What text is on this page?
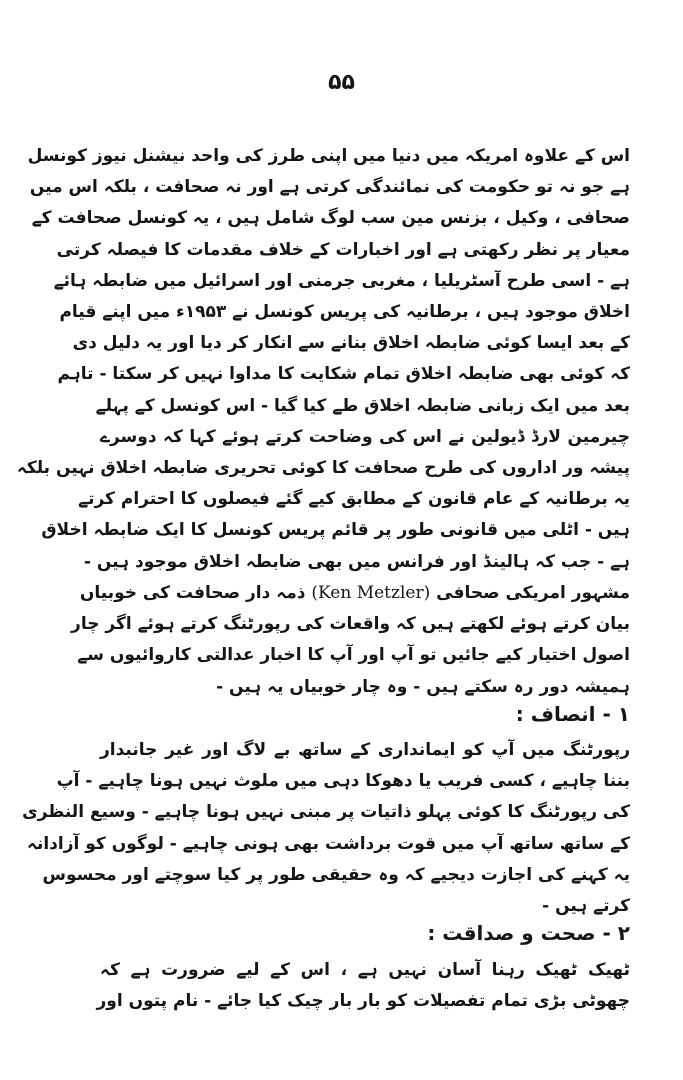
۵۵
اس کے علاوہ امریکہ میں دنیا میں اپنی طرز کی واحد نیشنل نیوز کونسل
ہے جو نہ تو حکومت کی نمائندگی کرتی ہے اور نہ صحافت ، بلکہ اس میں
صحافی ، وکیل ، بزنس مین سب لوگ شامل ہیں ، یہ کونسل صحافت کے
معیار پر نظر رکھتی ہے اور اخبارات کے خلاف مقدمات کا فیصلہ کرتی
ہے - اسی طرح آسٹریلیا ، مغربی جرمنی اور اسرائیل میں ضابطہ ہائے
اخلاق موجود ہیں ، برطانیہ کی پریس کونسل نے ۱۹۵۳ء میں اپنے قیام
کے بعد ایسا کوئی ضابطہ اخلاق بنانے سے انکار کر دیا اور یہ دلیل دی
کہ کوئی بھی ضابطہ اخلاق تمام شکایت کا مداوا نہیں کر سکتا - تاہم
بعد میں ایک زبانی ضابطہ اخلاق طے کیا گیا - اس کونسل کے پہلے
چیرمین لارڈ ڈیولین نے اس کی وضاحت کرتے ہوئے کہا کہ دوسرے
پیشہ ور اداروں کی طرح صحافت کا کوئی تحریری ضابطہ اخلاق نہیں بلکہ
یہ برطانیہ کے عام قانون کے مطابق کیے گئے فیصلوں کا احترام کرتے
ہیں - اٹلی میں قانونی طور پر قائم پریس کونسل کا ایک ضابطہ اخلاق
ہے - جب کہ ہالینڈ اور فرانس میں بھی ضابطہ اخلاق موجود ہیں -
مشہور امریکی صحافی (Ken Metzler) ذمہ دار صحافت کی خوبیاں
بیان کرتے ہوئے لکھتے ہیں کہ واقعات کی رپورٹنگ کرتے ہوئے اگر چار
اصول اختیار کیے جائیں تو آپ اور آپ کا اخبار عدالتی کاروائیوں سے
ہمیشہ دور رہ سکتے ہیں - وہ چار خوبیاں یہ ہیں -
۱ - انصاف :
رپورٹنگ میں آپ کو ایمانداری کے ساتھ بے لاگ اور غیر جانبدار
بننا چاہیے ، کسی فریب یا دھوکا دہی میں ملوث نہیں ہونا چاہیے - آپ
کی رپورٹنگ کا کوئی پہلو ذاتیات پر مبنی نہیں ہونا چاہیے - وسیع النظری
کے ساتھ ساتھ آپ میں قوت برداشت بھی ہونی چاہیے - لوگوں کو آزادانہ
یہ کہنے کی اجازت دیجیے کہ وہ حقیقی طور پر کیا سوچتے اور محسوس
کرتے ہیں -
۲ - صحت و صداقت :
ٹھیک ٹھیک رہنا آسان نہیں ہے ، اس کے لیے ضرورت ہے کہ
چھوٹی بڑی تمام تفصیلات کو بار بار چیک کیا جائے - نام پتوں اور
